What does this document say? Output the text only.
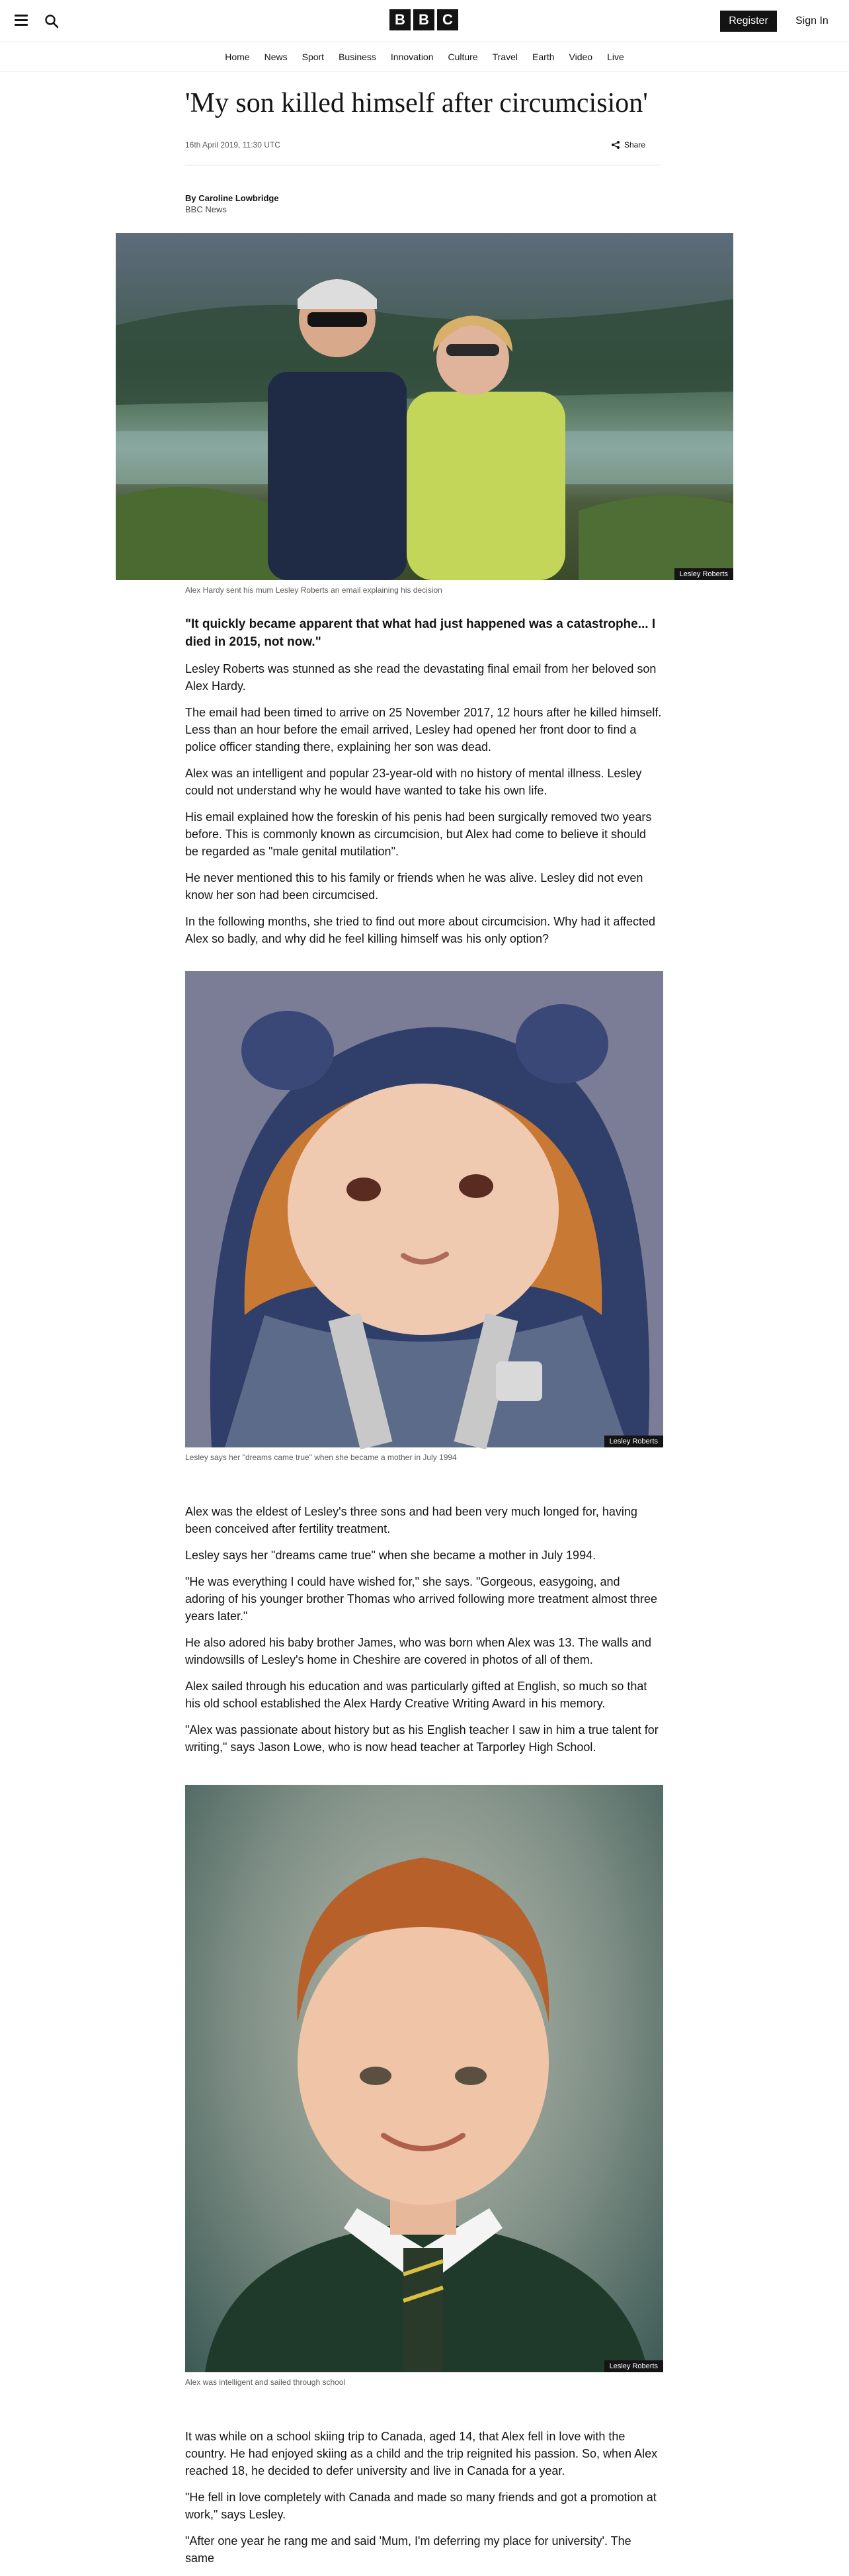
B B C	Register	Sign In
Home News Sport Business Innovation Culture Travel Earth Video Live
'My son killed himself after circumcision'
16th April 2019, 11:30 UTC	Share
By Caroline Lowbridge
BBC News
Lesley Roberts
Alex Hardy sent his mum Lesley Roberts an email explaining his decision

"It quickly became apparent that what had just happened was a catastrophe... I died in 2015, not now."

Lesley Roberts was stunned as she read the devastating final email from her beloved son Alex Hardy.

The email had been timed to arrive on 25 November 2017, 12 hours after he killed himself. Less than an hour before the email arrived, Lesley had opened her front door to find a police officer standing there, explaining her son was dead.

Alex was an intelligent and popular 23-year-old with no history of mental illness. Lesley could not understand why he would have wanted to take his own life.

His email explained how the foreskin of his penis had been surgically removed two years before. This is commonly known as circumcision, but Alex had come to believe it should be regarded as "male genital mutilation".

He never mentioned this to his family or friends when he was alive. Lesley did not even know her son had been circumcised.

In the following months, she tried to find out more about circumcision. Why had it affected Alex so badly, and why did he feel killing himself was his only option?

Lesley Roberts
Lesley says her "dreams came true" when she became a mother in July 1994

Alex was the eldest of Lesley's three sons and had been very much longed for, having been conceived after fertility treatment.

Lesley says her "dreams came true" when she became a mother in July 1994.

"He was everything I could have wished for," she says. "Gorgeous, easygoing, and adoring of his younger brother Thomas who arrived following more treatment almost three years later."

He also adored his baby brother James, who was born when Alex was 13. The walls and windowsills of Lesley's home in Cheshire are covered in photos of all of them.

Alex sailed through his education and was particularly gifted at English, so much so that his old school established the Alex Hardy Creative Writing Award in his memory.

"Alex was passionate about history but as his English teacher I saw in him a true talent for writing," says Jason Lowe, who is now head teacher at Tarporley High School.

Lesley Roberts
Alex was intelligent and sailed through school

It was while on a school skiing trip to Canada, aged 14, that Alex fell in love with the country. He had enjoyed skiing as a child and the trip reignited his passion. So, when Alex reached 18, he decided to defer university and live in Canada for a year.

"He fell in love completely with Canada and made so many friends and got a promotion at work," says Lesley.

"After one year he rang me and said 'Mum, I'm deferring my place for university'. The same
